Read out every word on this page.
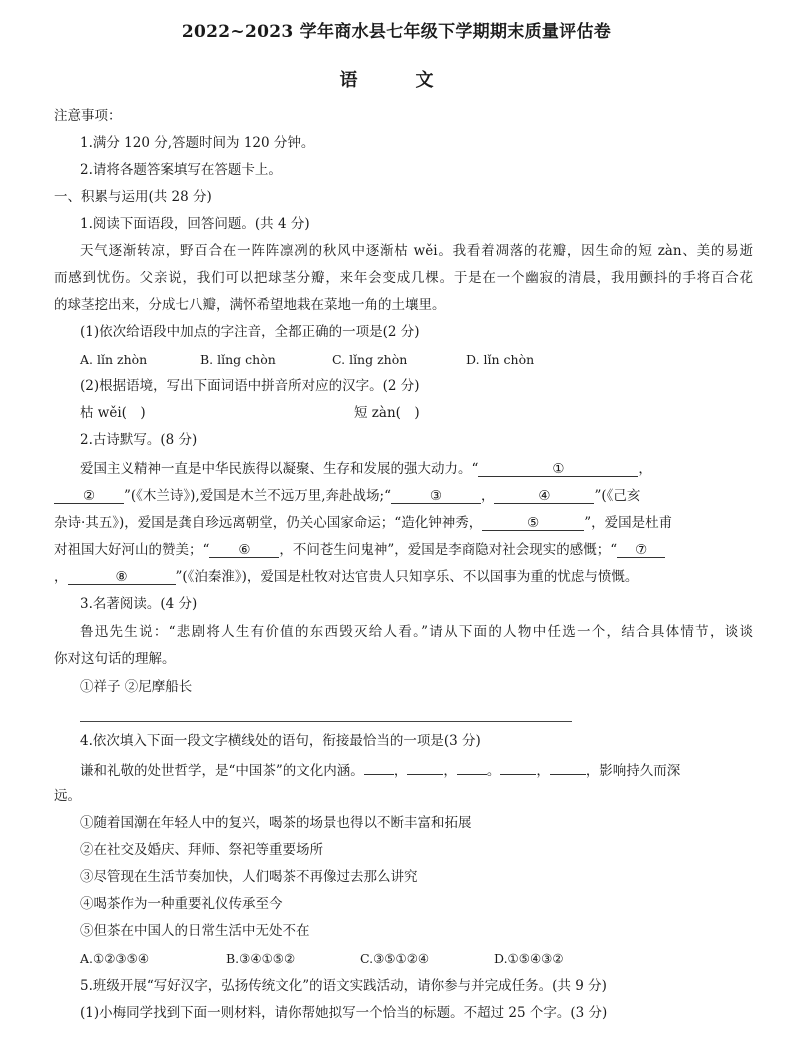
2022~2023 学年商水县七年级下学期期末质量评估卷
语　文
注意事项：
1.满分 120 分,答题时间为 120 分钟。
2.请将各题答案填写在答题卡上。
一、积累与运用(共 28 分)
1.阅读下面语段，回答问题。(共 4 分)
天气逐渐转凉，野百合在一阵阵凛冽的秋风中逐渐枯 wěi。我看着凋落的花瓣，因生命的短 zàn、美的易逝
而感到忧伤。父亲说，我们可以把球茎分瓣，来年会变成几棵。于是在一个幽寂的清晨，我用颤抖的手将百合花
的球茎挖出来，分成七八瓣，满怀希望地栽在菜地一角的土壤里。
(1)依次给语段中加点的字注音，全都正确的一项是(2 分)
A. lǐn zhòn	B. lǐng chòn	C. lǐng zhòn	D. lǐn chòn
(2)根据语境，写出下面词语中拼音所对应的汉字。(2 分)
枯 wěi(　)	短 zàn(　)
2.古诗默写。(8 分)
爱国主义精神一直是中华民族得以凝聚、生存和发展的强大动力。“	①	，
② ”(《木兰诗》),爱国是木兰不远万里,奔赴战场;“	③	，	④	”(《己亥
杂诗·其五》)，爱国是龚自珍远离朝堂，仍关心国家命运；“造化钟神秀，	⑤	”，爱国是杜甫
对祖国大好河山的赞美；“ ⑥ ，不问苍生问鬼神”，爱国是李商隐对社会现实的感慨；“ ⑦
，	⑧	”(《泊秦淮》)，爱国是杜牧对达官贵人只知享乐、不以国事为重的忧虑与愤慨。
3.名著阅读。(4 分)
鲁迅先生说：“悲剧将人生有价值的东西毁灭给人看。”请从下面的人物中任选一个，结合具体情节，谈谈
你对这句话的理解。
①祥子 ②尼摩船长
4.依次填入下面一段文字横线处的语句，衔接最恰当的一项是(3 分)
谦和礼敬的处世哲学，是“中国茶”的文化内涵。 ，	， 。	，	，影响持久而深
远。
①随着国潮在年轻人中的复兴，喝茶的场景也得以不断丰富和拓展
②在社交及婚庆、拜师、祭祀等重要场所
③尽管现在生活节奏加快，人们喝茶不再像过去那么讲究
④喝茶作为一种重要礼仪传承至今
⑤但茶在中国人的日常生活中无处不在
A.①②③⑤④	B.③④①⑤②	C.③⑤①②④	D.①⑤④③②
5.班级开展“写好汉字，弘扬传统文化”的语文实践活动，请你参与并完成任务。(共 9 分)
(1)小梅同学找到下面一则材料，请你帮她拟写一个恰当的标题。不超过 25 个字。(3 分)
